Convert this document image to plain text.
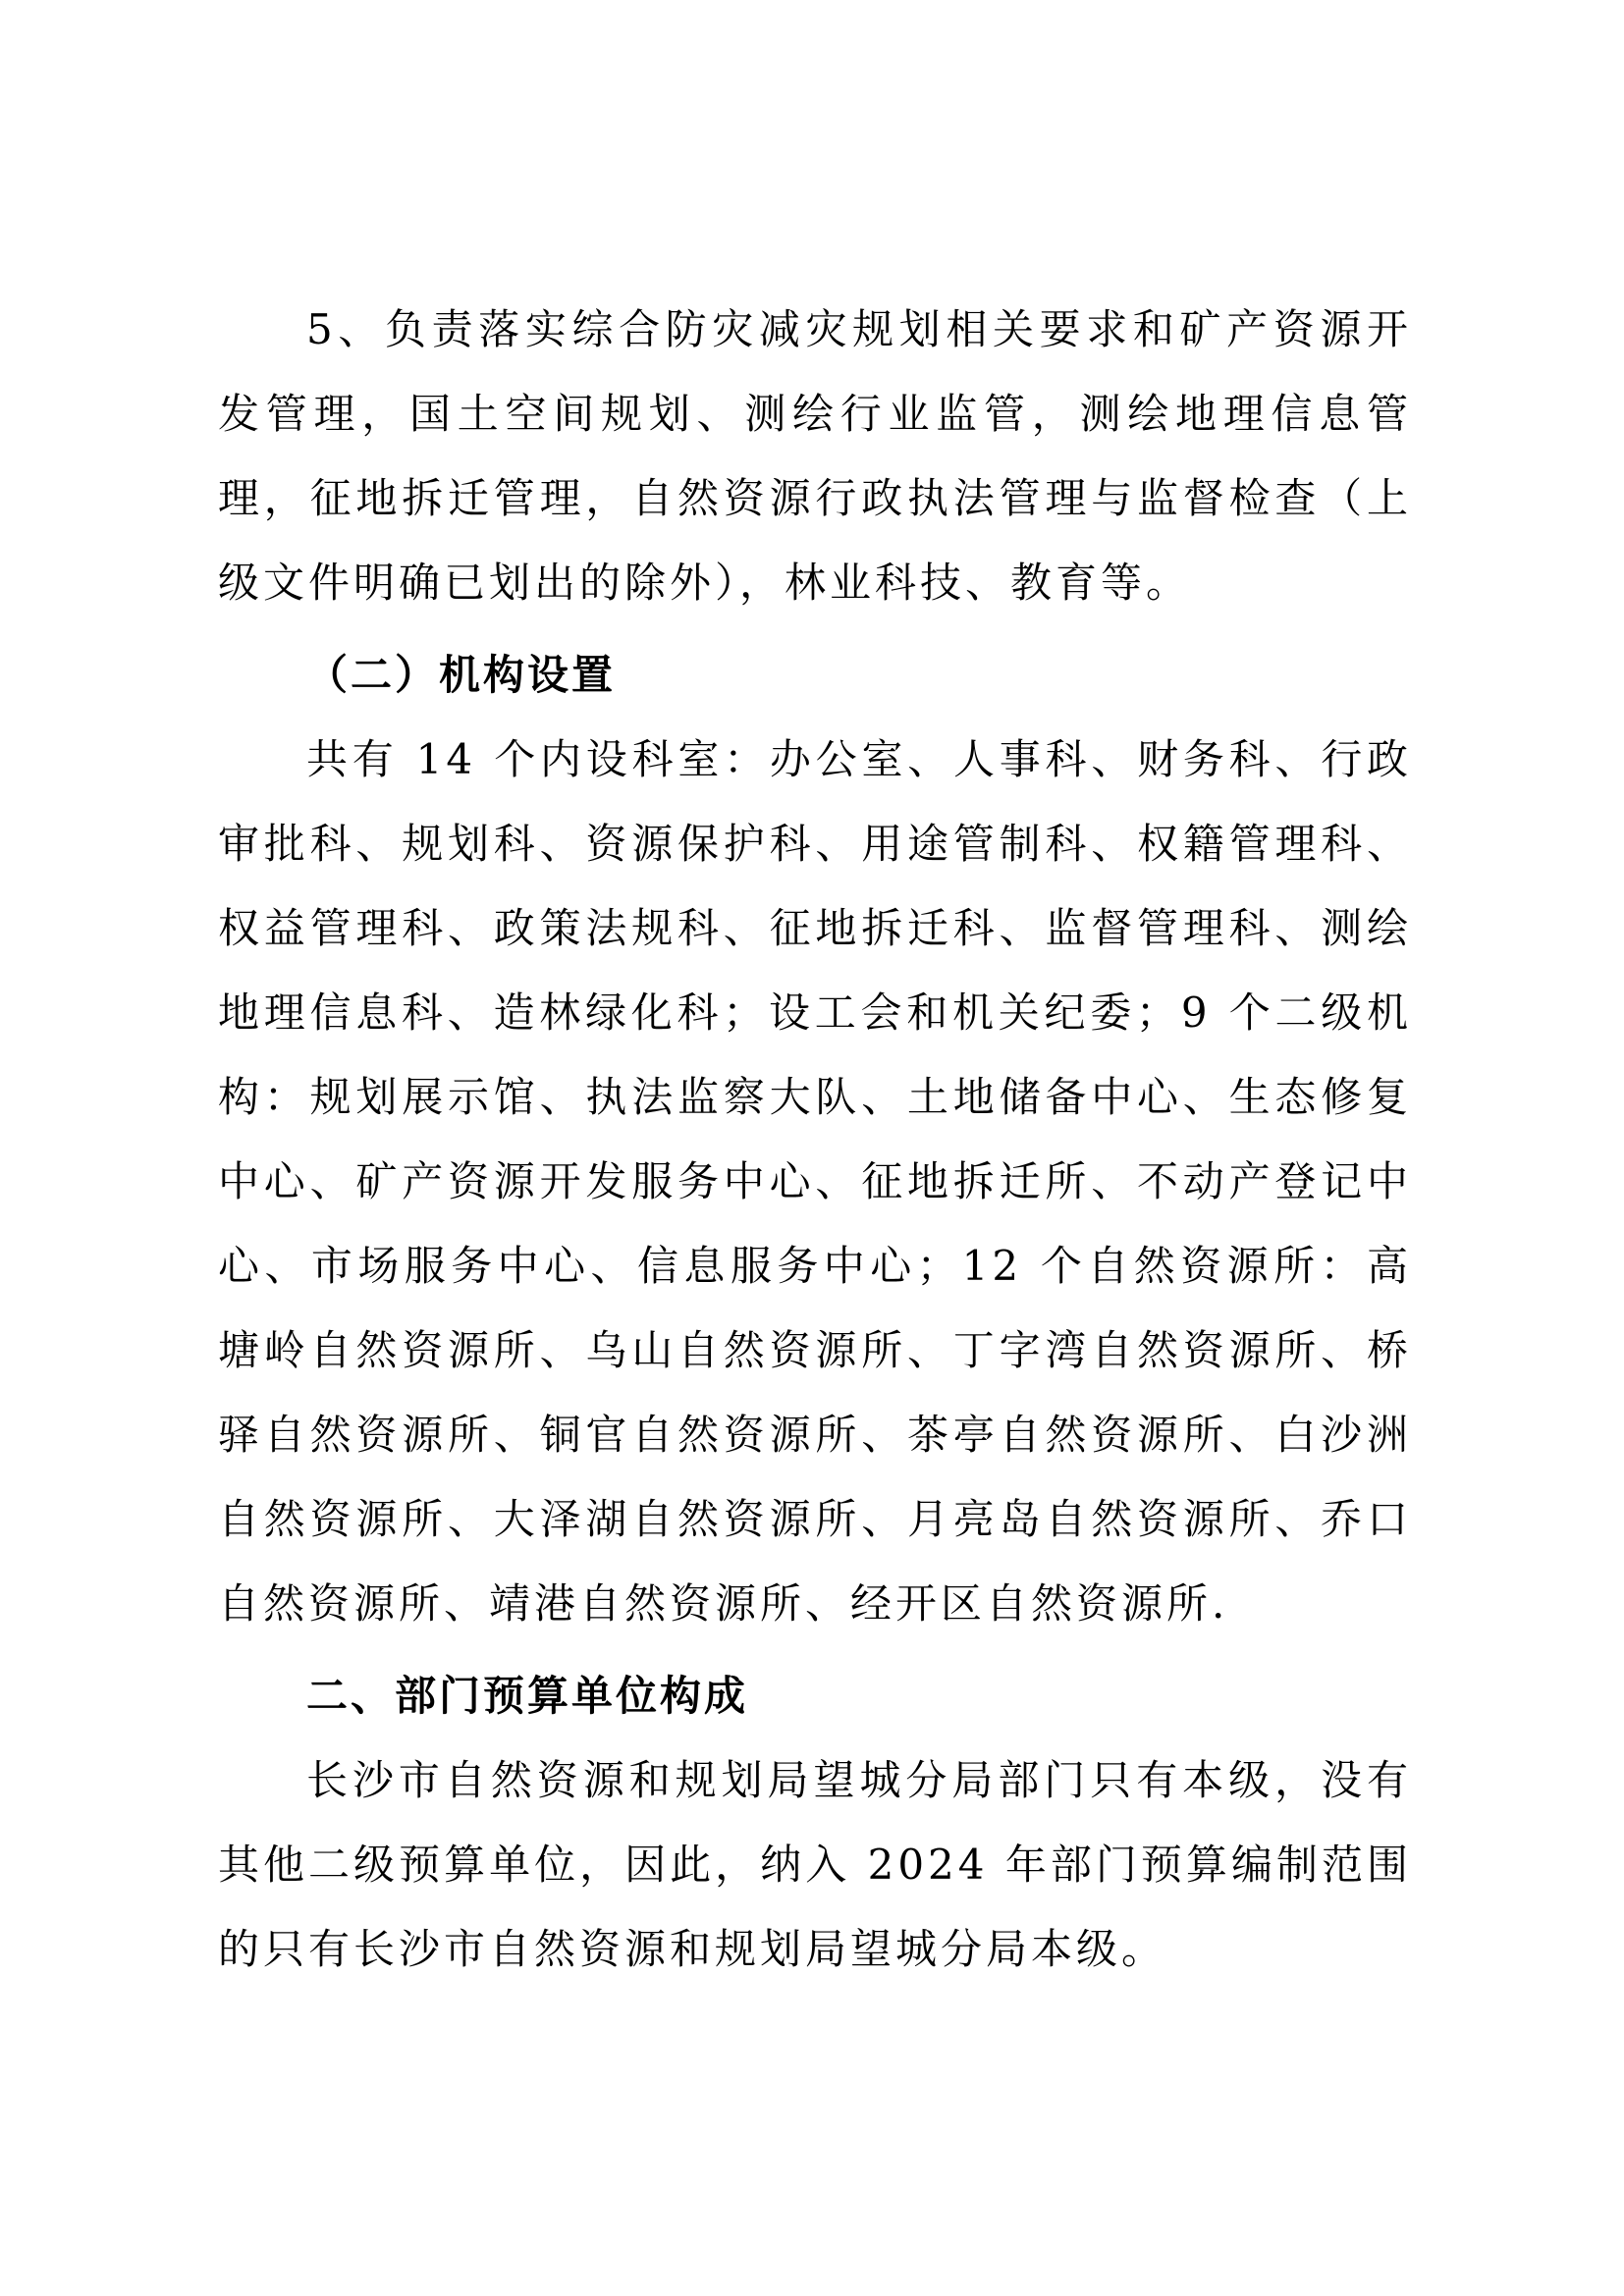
5、负责落实综合防灾减灾规划相关要求和矿产资源开发管理，国土空间规划、测绘行业监管，测绘地理信息管理，征地拆迁管理，自然资源行政执法管理与监督检查（上级文件明确已划出的除外），林业科技、教育等。

（二）机构设置

共有 14 个内设科室：办公室、人事科、财务科、行政审批科、规划科、资源保护科、用途管制科、权籍管理科、权益管理科、政策法规科、征地拆迁科、监督管理科、测绘地理信息科、造林绿化科；设工会和机关纪委；9 个二级机构：规划展示馆、执法监察大队、土地储备中心、生态修复中心、矿产资源开发服务中心、征地拆迁所、不动产登记中心、市场服务中心、信息服务中心；12 个自然资源所：高塘岭自然资源所、乌山自然资源所、丁字湾自然资源所、桥驿自然资源所、铜官自然资源所、茶亭自然资源所、白沙洲自然资源所、大泽湖自然资源所、月亮岛自然资源所、乔口自然资源所、靖港自然资源所、经开区自然资源所.

二、部门预算单位构成

长沙市自然资源和规划局望城分局部门只有本级，没有其他二级预算单位，因此，纳入 2024 年部门预算编制范围的只有长沙市自然资源和规划局望城分局本级。
